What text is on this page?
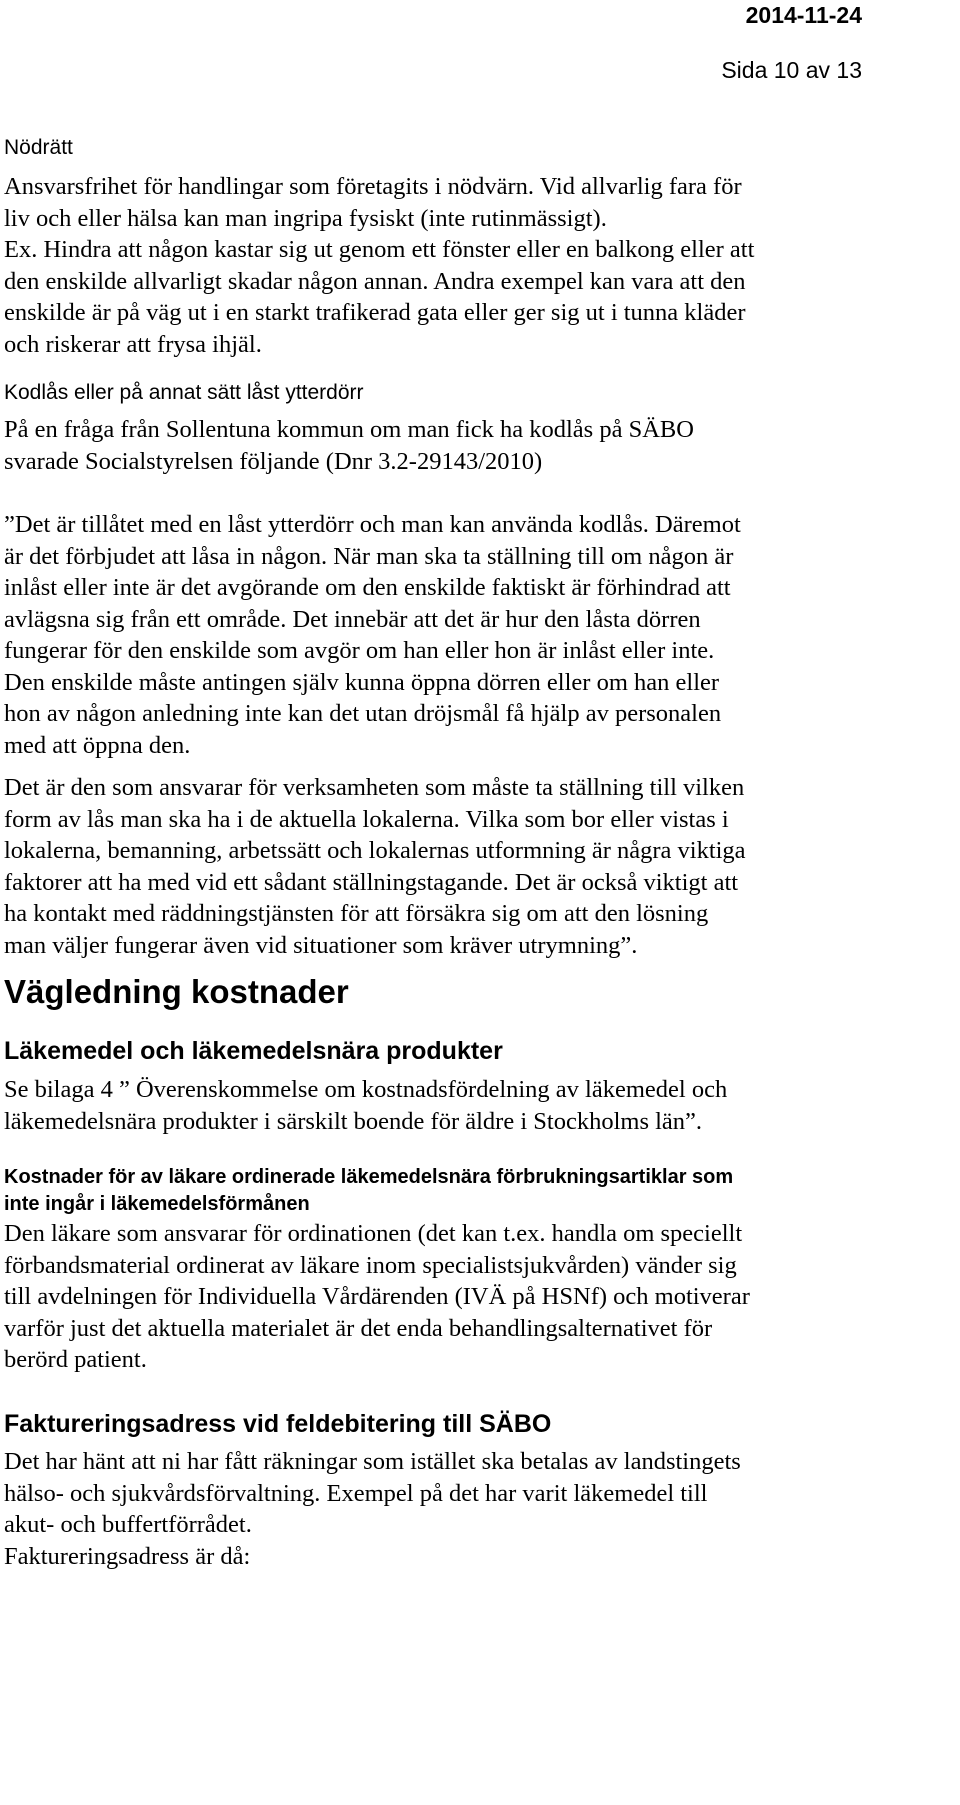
2014-11-24
Sida 10 av 13

Nödrätt

Ansvarsfrihet för handlingar som företagits i nödvärn. Vid allvarlig fara för
liv och eller hälsa kan man ingripa fysiskt (inte rutinmässigt).
Ex. Hindra att någon kastar sig ut genom ett fönster eller en balkong eller att
den enskilde allvarligt skadar någon annan. Andra exempel kan vara att den
enskilde är på väg ut i en starkt trafikerad gata eller ger sig ut i tunna kläder
och riskerar att frysa ihjäl.

Kodlås eller på annat sätt låst ytterdörr

På en fråga från Sollentuna kommun om man fick ha kodlås på SÄBO
svarade Socialstyrelsen följande (Dnr 3.2-29143/2010)

”Det är tillåtet med en låst ytterdörr och man kan använda kodlås. Däremot
är det förbjudet att låsa in någon. När man ska ta ställning till om någon är
inlåst eller inte är det avgörande om den enskilde faktiskt är förhindrad att
avlägsna sig från ett område. Det innebär att det är hur den låsta dörren
fungerar för den enskilde som avgör om han eller hon är inlåst eller inte.
Den enskilde måste antingen själv kunna öppna dörren eller om han eller
hon av någon anledning inte kan det utan dröjsmål få hjälp av personalen
med att öppna den.

Det är den som ansvarar för verksamheten som måste ta ställning till vilken
form av lås man ska ha i de aktuella lokalerna. Vilka som bor eller vistas i
lokalerna, bemanning, arbetssätt och lokalernas utformning är några viktiga
faktorer att ha med vid ett sådant ställningstagande. Det är också viktigt att
ha kontakt med räddningstjänsten för att försäkra sig om att den lösning
man väljer fungerar även vid situationer som kräver utrymning”.

Vägledning kostnader
Läkemedel och läkemedelsnära produkter

Se bilaga 4 ” Överenskommelse om kostnadsfördelning av läkemedel och
läkemedelsnära produkter i särskilt boende för äldre i Stockholms län”.

Kostnader för av läkare ordinerade läkemedelsnära förbrukningsartiklar som
inte ingår i läkemedelsförmånen

Den läkare som ansvarar för ordinationen (det kan t.ex. handla om speciellt
förbandsmaterial ordinerat av läkare inom specialistsjukvården) vänder sig
till avdelningen för Individuella Vårdärenden (IVÄ på HSNf) och motiverar
varför just det aktuella materialet är det enda behandlingsalternativet för
berörd patient.

Faktureringsadress vid feldebitering till SÄBO

Det har hänt att ni har fått räkningar som istället ska betalas av landstingets
hälso- och sjukvårdsförvaltning. Exempel på det har varit läkemedel till
akut- och buffertförrådet.
Faktureringsadress är då:
